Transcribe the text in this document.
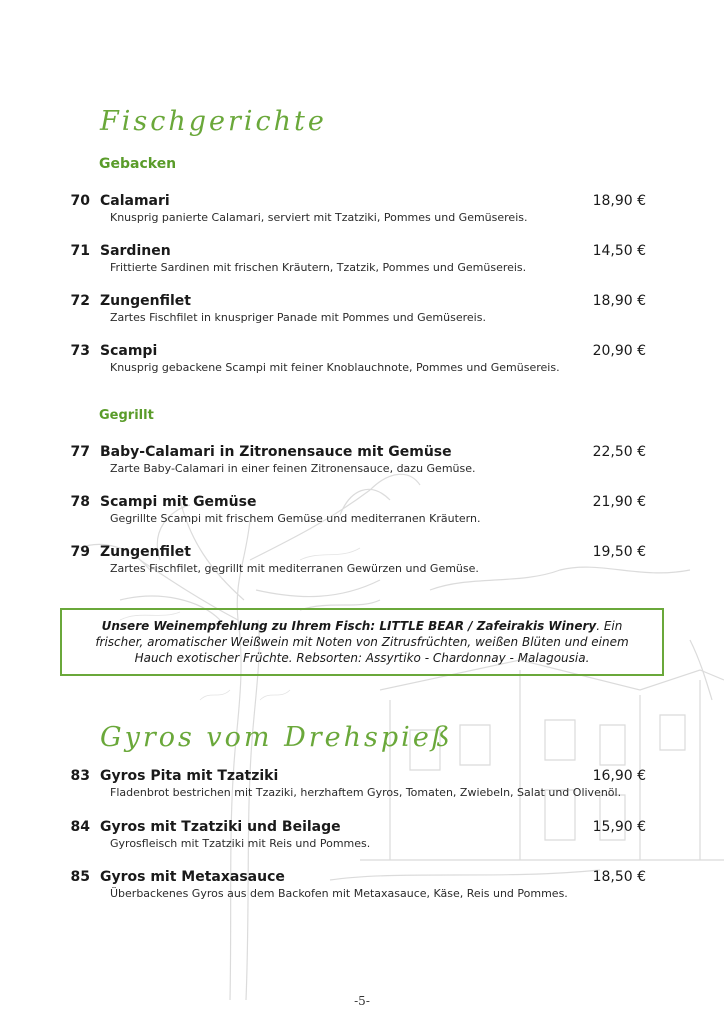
Fischgerichte
Gebacken
70 Calamari	18,90 €
Knusprig panierte Calamari, serviert mit Tzatziki, Pommes und Gemüsereis.
71 Sardinen	14,50 €
Frittierte Sardinen mit frischen Kräutern, Tzatzik, Pommes und Gemüsereis.
72 Zungenfilet	18,90 €
Zartes Fischfilet in knuspriger Panade mit Pommes und Gemüsereis.
73 Scampi	20,90 €
Knusprig gebackene Scampi mit feiner Knoblauchnote, Pommes und Gemüsereis.
Gegrillt
77 Baby-Calamari in Zitronensauce mit Gemüse	22,50 €
Zarte Baby-Calamari in einer feinen Zitronensauce, dazu Gemüse.
78 Scampi mit Gemüse	21,90 €
Gegrillte Scampi mit frischem Gemüse und mediterranen Kräutern.
79 Zungenfilet	19,50 €
Zartes Fischfilet, gegrillt mit mediterranen Gewürzen und Gemüse.
Unsere Weinempfehlung zu Ihrem Fisch: LITTLE BEAR / Zafeirakis Winery. Ein frischer, aromatischer Weißwein mit Noten von Zitrusfrüchten, weißen Blüten und einem Hauch exotischer Früchte. Rebsorten: Assyrtiko - Chardonnay - Malagousia.
Gyros vom Drehspieß
83 Gyros Pita mit Tzatziki	16,90 €
Fladenbrot bestrichen mit Tzaziki, herzhaftem Gyros, Tomaten, Zwiebeln, Salat und Olivenöl.
84 Gyros mit Tzatziki und Beilage	15,90 €
Gyrosfleisch mit Tzatziki mit Reis und Pommes.
85 Gyros mit Metaxasauce	18,50 €
Überbackenes Gyros aus dem Backofen mit Metaxasauce, Käse, Reis und Pommes.
-5-
